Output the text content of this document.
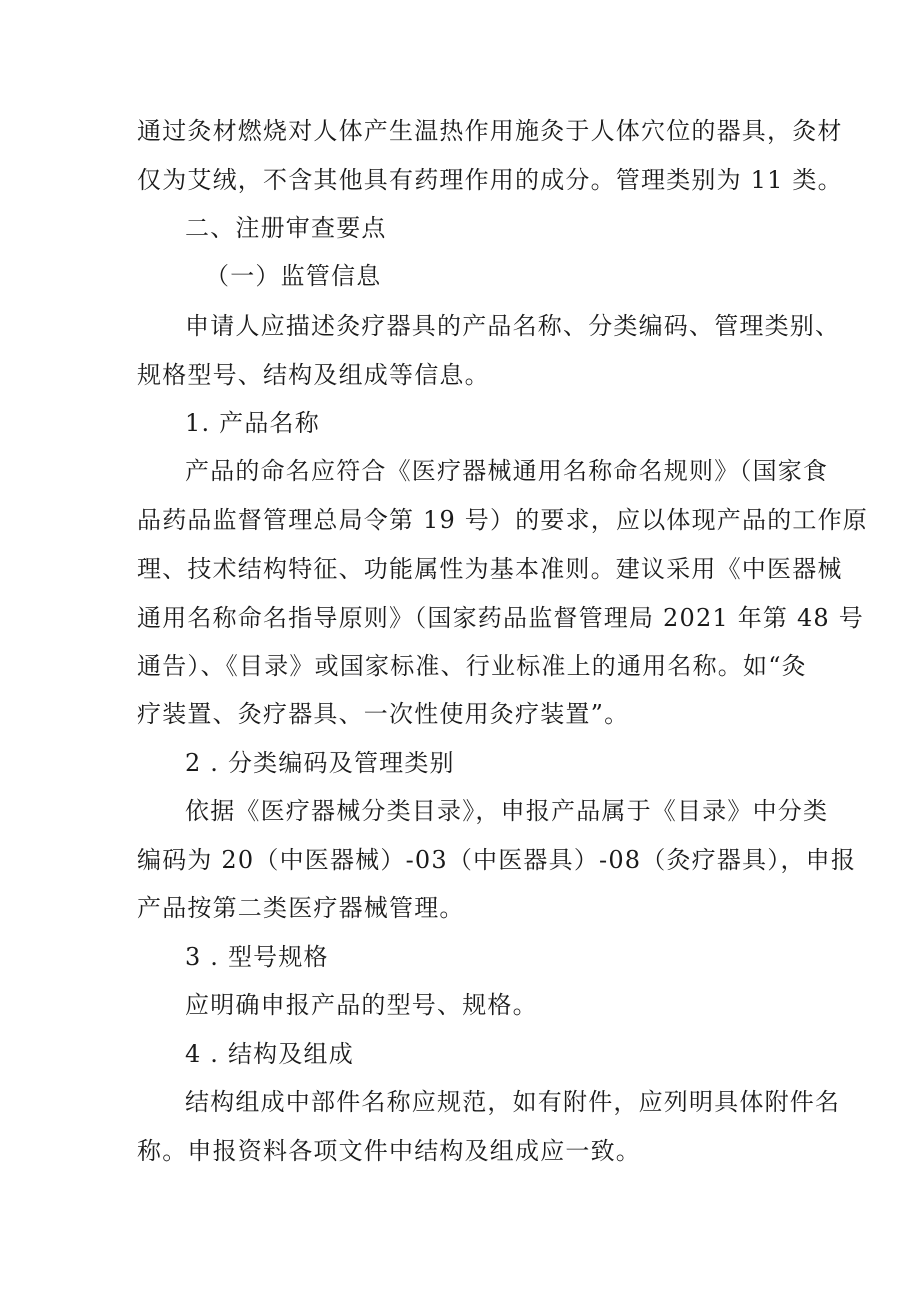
通过灸材燃烧对人体产生温热作用施灸于人体穴位的器具，灸材
仅为艾绒，不含其他具有药理作用的成分。管理类别为 11 类。
二、注册审查要点
（一）监管信息
申请人应描述灸疗器具的产品名称、分类编码、管理类别、
规格型号、结构及组成等信息。
1. 产品名称
产品的命名应符合《医疗器械通用名称命名规则》（国家食
品药品监督管理总局令第 19 号）的要求，应以体现产品的工作原
理、技术结构特征、功能属性为基本准则。建议采用《中医器械
通用名称命名指导原则》（国家药品监督管理局 2021 年第 48 号
通告）、《目录》或国家标准、行业标准上的通用名称。如“灸
疗装置、灸疗器具、一次性使用灸疗装置”。
2 . 分类编码及管理类别
依据《医疗器械分类目录》，申报产品属于《目录》中分类
编码为 20（中医器械）-03（中医器具）-08（灸疗器具），申报
产品按第二类医疗器械管理。
3 . 型号规格
应明确申报产品的型号、规格。
4 . 结构及组成
结构组成中部件名称应规范，如有附件，应列明具体附件名
称。申报资料各项文件中结构及组成应一致。
